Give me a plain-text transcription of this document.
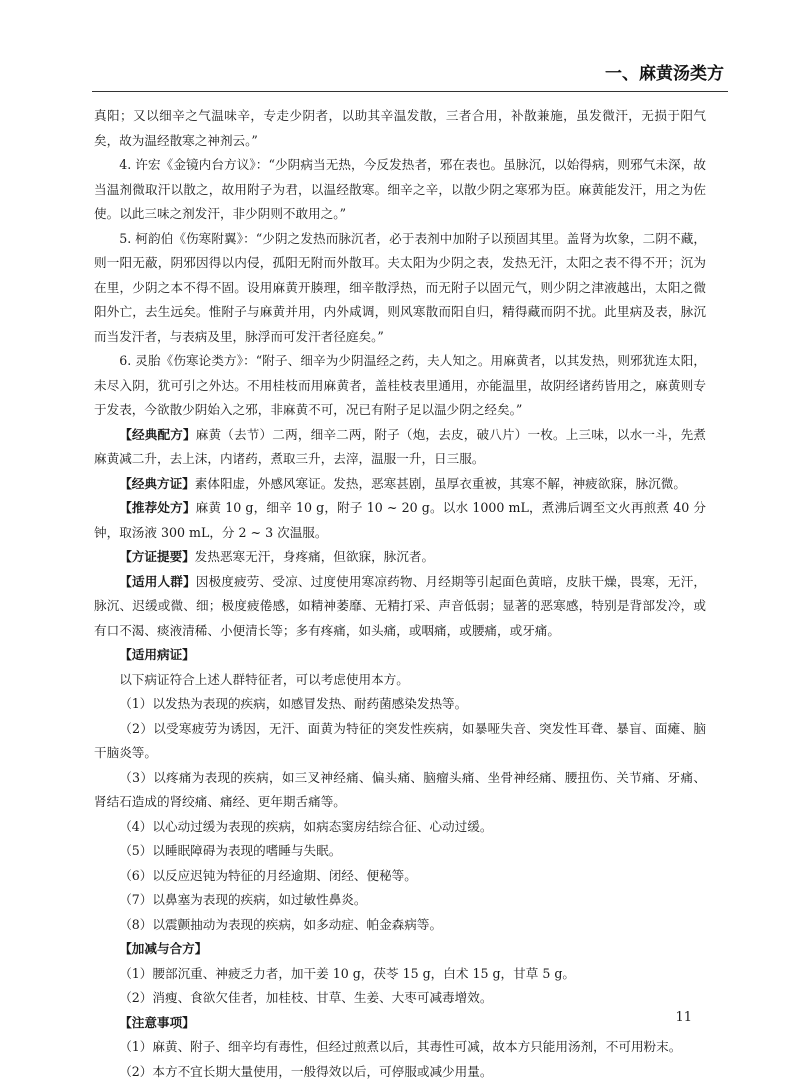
一、麻黄汤类方

真阳；又以细辛之气温味辛，专走少阴者，以助其辛温发散，三者合用，补散兼施，虽发微汗，无损于阳气矣，故为温经散寒之神剂云。”

4. 许宏《金镜内台方议》：“少阴病当无热，今反发热者，邪在表也。虽脉沉，以始得病，则邪气未深，故当温剂微取汗以散之，故用附子为君，以温经散寒。细辛之辛，以散少阴之寒邪为臣。麻黄能发汗，用之为佐使。以此三味之剂发汗，非少阴则不敢用之。”

5. 柯韵伯《伤寒附翼》：“少阴之发热而脉沉者，必于表剂中加附子以预固其里。盖肾为坎象，二阴不藏，则一阳无蔽，阴邪因得以内侵，孤阳无附而外散耳。夫太阳为少阴之表，发热无汗，太阳之表不得不开；沉为在里，少阴之本不得不固。设用麻黄开腠理，细辛散浮热，而无附子以固元气，则少阴之津液越出，太阳之微阳外亡，去生远矣。惟附子与麻黄并用，内外咸调，则风寒散而阳自归，精得藏而阴不扰。此里病及表，脉沉而当发汗者，与表病及里，脉浮而可发汗者径庭矣。”

6. 灵胎《伤寒论类方》：“附子、细辛为少阴温经之药，夫人知之。用麻黄者，以其发热，则邪犹连太阳，未尽入阴，犹可引之外达。不用桂枝而用麻黄者，盖桂枝表里通用，亦能温里，故阴经诸药皆用之，麻黄则专于发表，今欲散少阴始入之邪，非麻黄不可，况已有附子足以温少阴之经矣。”

【经典配方】麻黄（去节）二两，细辛二两，附子（炮，去皮，破八片）一枚。上三味，以水一斗，先煮麻黄减二升，去上沫，内诸药，煮取三升，去滓，温服一升，日三服。

【经典方证】素体阳虚，外感风寒证。发热，恶寒甚剧，虽厚衣重被，其寒不解，神疲欲寐，脉沉微。

【推荐处方】麻黄 10 g，细辛 10 g，附子 10 ~ 20 g。以水 1000 mL，煮沸后调至文火再煎煮 40 分钟，取汤液 300 mL，分 2 ~ 3 次温服。

【方证提要】发热恶寒无汗，身疼痛，但欲寐，脉沉者。

【适用人群】因极度疲劳、受凉、过度使用寒凉药物、月经期等引起面色黄暗，皮肤干燥，畏寒，无汗，脉沉、迟缓或微、细；极度疲倦感，如精神萎靡、无精打采、声音低弱；显著的恶寒感，特别是背部发冷，或有口不渴、痰液清稀、小便清长等；多有疼痛，如头痛，或咽痛，或腰痛，或牙痛。

【适用病证】

以下病证符合上述人群特征者，可以考虑使用本方。

（1）以发热为表现的疾病，如感冒发热、耐药菌感染发热等。

（2）以受寒疲劳为诱因，无汗、面黄为特征的突发性疾病，如暴哑失音、突发性耳聋、暴盲、面瘫、脑干脑炎等。

（3）以疼痛为表现的疾病，如三叉神经痛、偏头痛、脑瘤头痛、坐骨神经痛、腰扭伤、关节痛、牙痛、肾结石造成的肾绞痛、痛经、更年期舌痛等。

（4）以心动过缓为表现的疾病，如病态窦房结综合征、心动过缓。

（5）以睡眠障碍为表现的嗜睡与失眠。

（6）以反应迟钝为特征的月经逾期、闭经、便秘等。

（7）以鼻塞为表现的疾病，如过敏性鼻炎。

（8）以震颤抽动为表现的疾病，如多动症、帕金森病等。

【加减与合方】

（1）腰部沉重、神疲乏力者，加干姜 10 g，茯苓 15 g，白术 15 g，甘草 5 g。

（2）消瘦、食欲欠佳者，加桂枝、甘草、生姜、大枣可减毒增效。

【注意事项】

（1）麻黄、附子、细辛均有毒性，但经过煎煮以后，其毒性可减，故本方只能用汤剂，不可用粉末。

（2）本方不宜长期大量使用，一般得效以后，可停服或减少用量。

11
